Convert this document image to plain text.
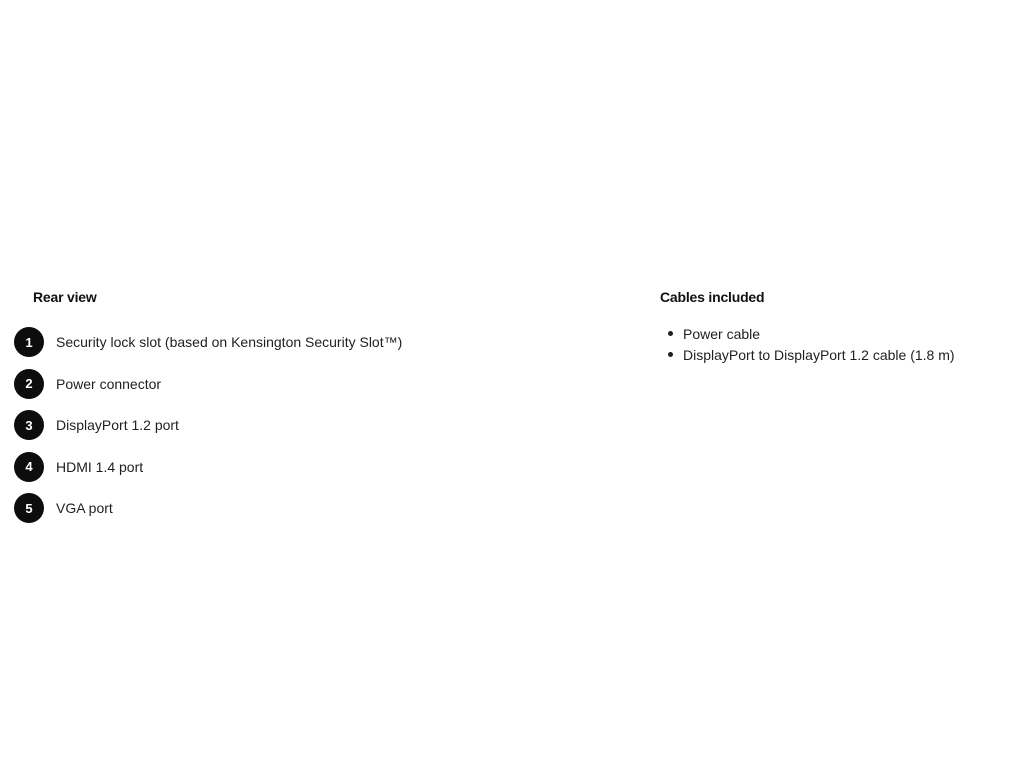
Rear view
1	Security lock slot (based on Kensington Security Slot™)
2	Power connector
3	DisplayPort 1.2 port
4	HDMI 1.4 port
5	VGA port
Cables included
Power cable
DisplayPort to DisplayPort 1.2 cable (1.8 m)
